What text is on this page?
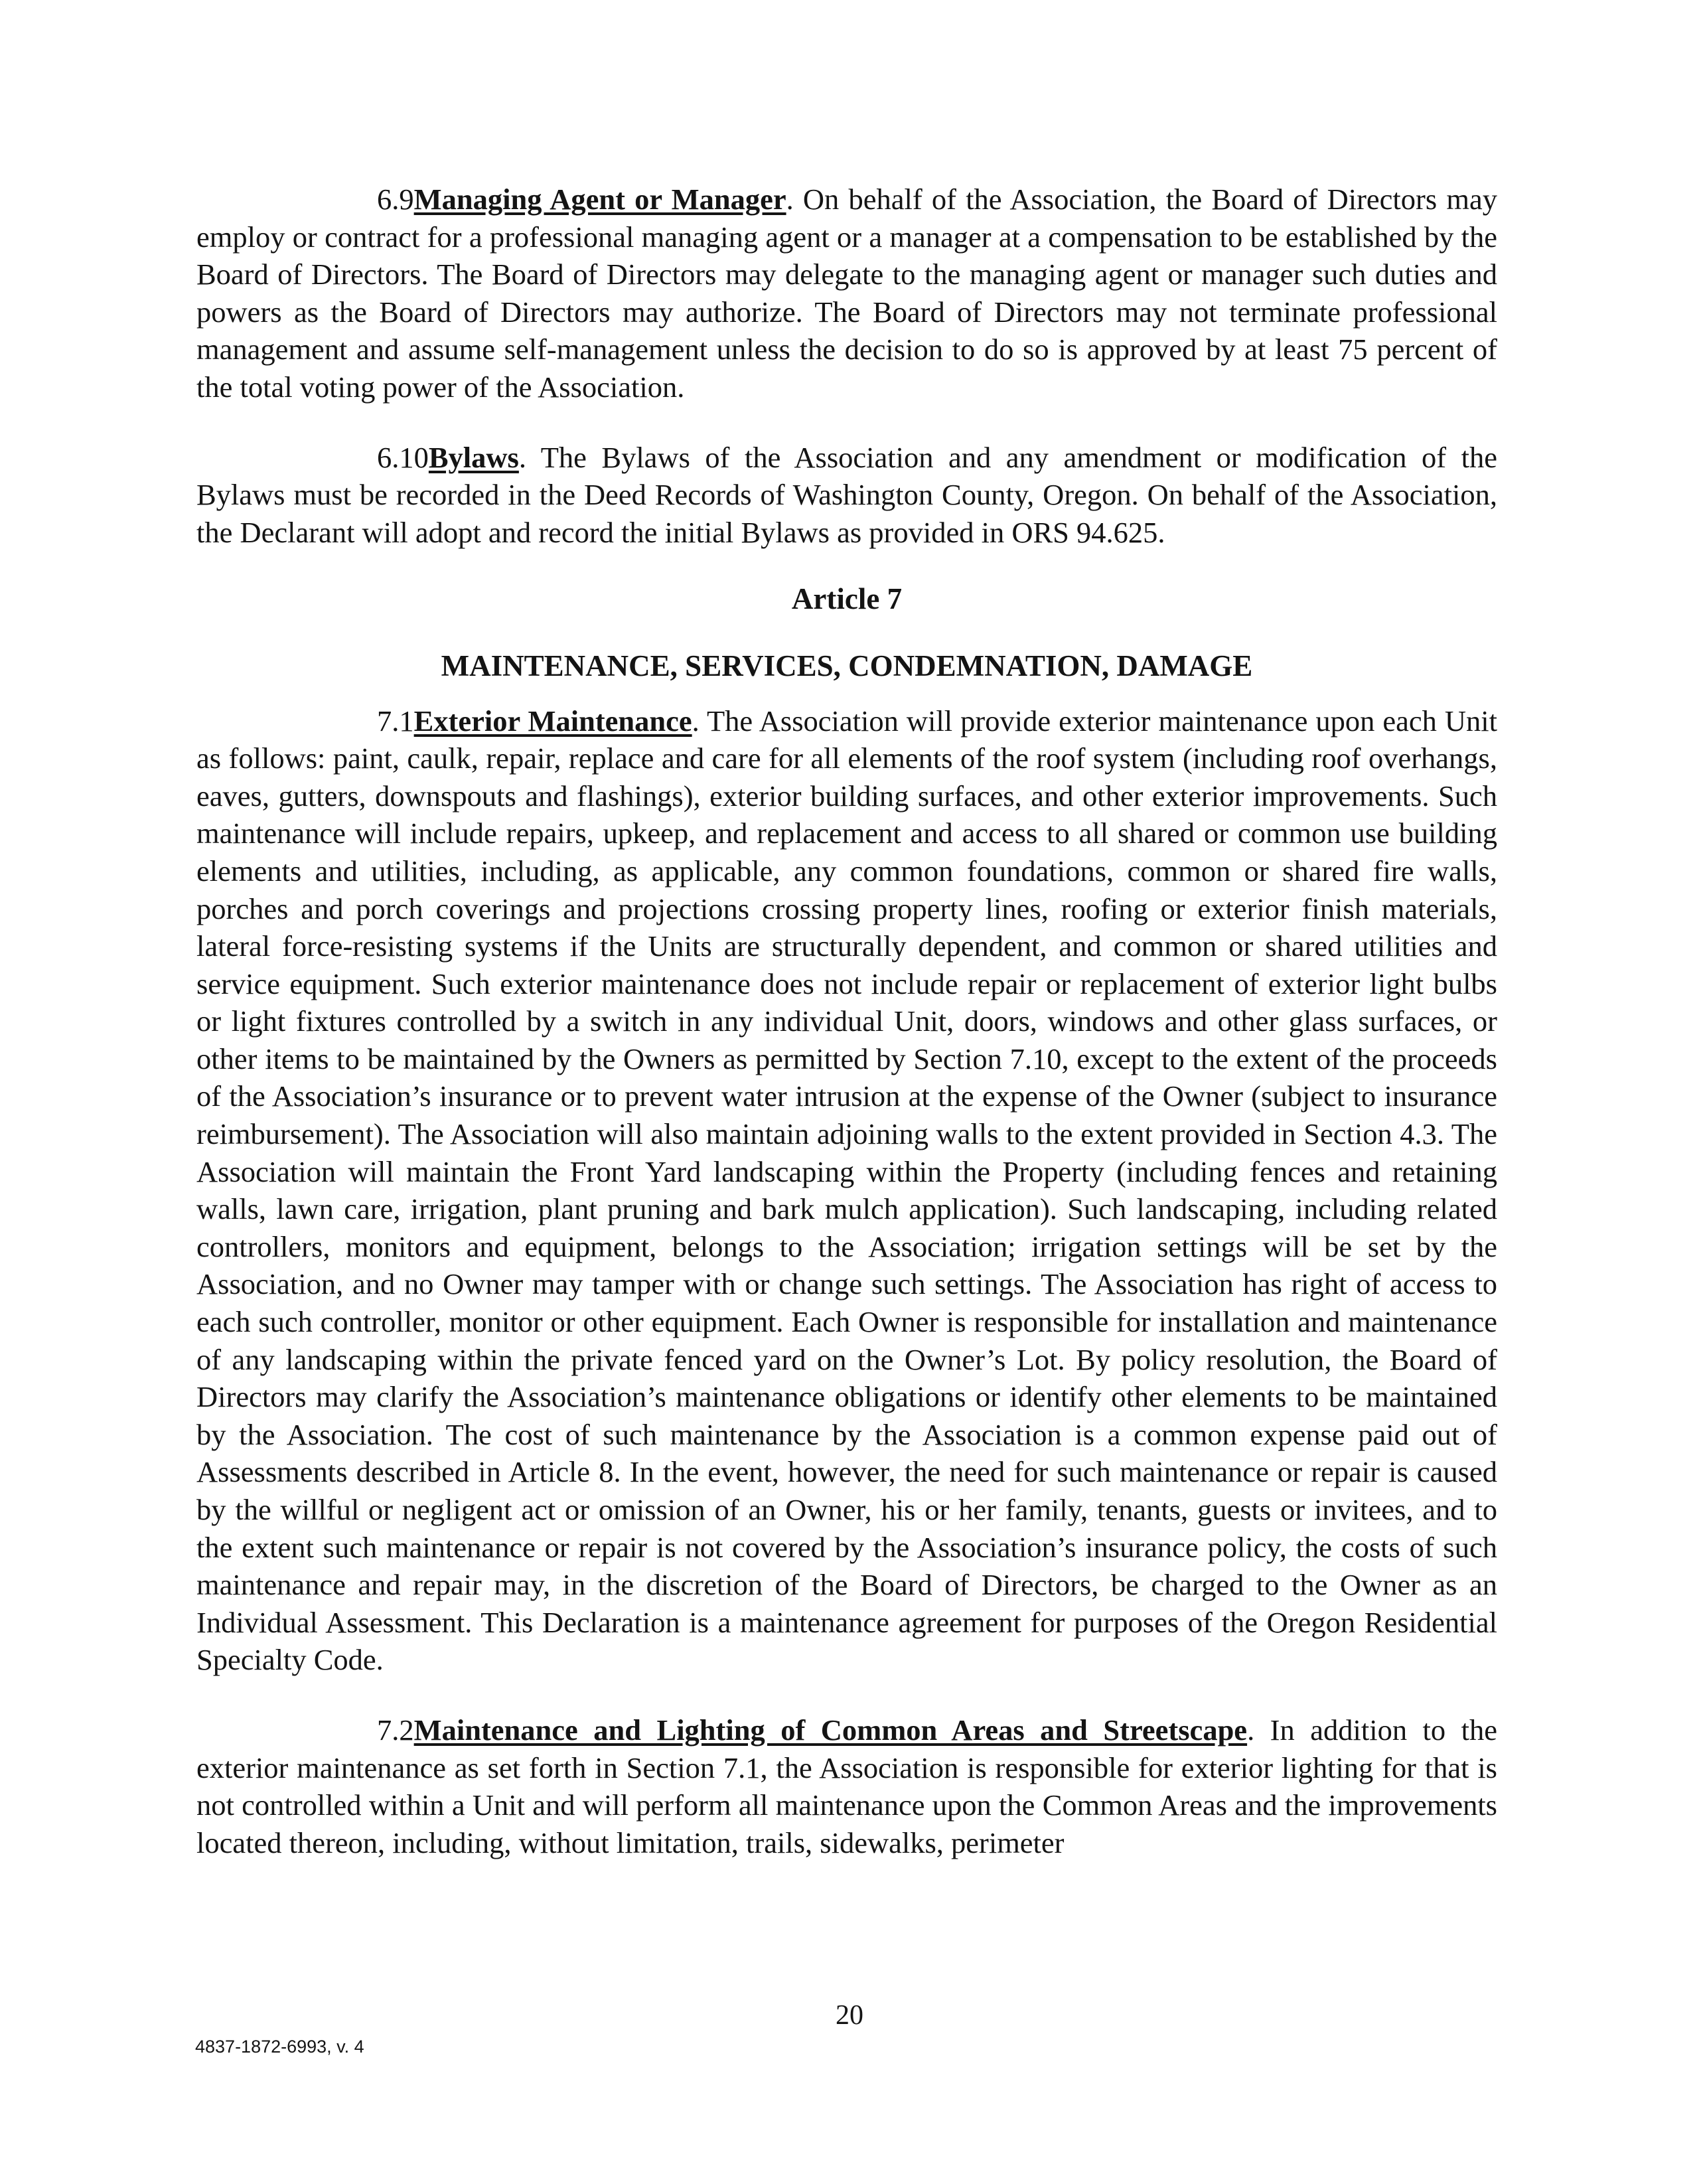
6.9Managing Agent or Manager. On behalf of the Association, the Board of Directors may employ or contract for a professional managing agent or a manager at a compensation to be established by the Board of Directors. The Board of Directors may delegate to the managing agent or manager such duties and powers as the Board of Directors may authorize. The Board of Directors may not terminate professional management and assume self-management unless the decision to do so is approved by at least 75 percent of the total voting power of the Association.

6.10Bylaws. The Bylaws of the Association and any amendment or modification of the Bylaws must be recorded in the Deed Records of Washington County, Oregon. On behalf of the Association, the Declarant will adopt and record the initial Bylaws as provided in ORS 94.625.

Article 7

MAINTENANCE, SERVICES, CONDEMNATION, DAMAGE

7.1Exterior Maintenance. The Association will provide exterior maintenance upon each Unit as follows: paint, caulk, repair, replace and care for all elements of the roof system (including roof overhangs, eaves, gutters, downspouts and flashings), exterior building surfaces, and other exterior improvements. Such maintenance will include repairs, upkeep, and replacement and access to all shared or common use building elements and utilities, including, as applicable, any common foundations, common or shared fire walls, porches and porch coverings and projections crossing property lines, roofing or exterior finish materials, lateral force-resisting systems if the Units are structurally dependent, and common or shared utilities and service equipment. Such exterior maintenance does not include repair or replacement of exterior light bulbs or light fixtures controlled by a switch in any individual Unit, doors, windows and other glass surfaces, or other items to be maintained by the Owners as permitted by Section 7.10, except to the extent of the proceeds of the Association’s insurance or to prevent water intrusion at the expense of the Owner (subject to insurance reimbursement). The Association will also maintain adjoining walls to the extent provided in Section 4.3. The Association will maintain the Front Yard landscaping within the Property (including fences and retaining walls, lawn care, irrigation, plant pruning and bark mulch application). Such landscaping, including related controllers, monitors and equipment, belongs to the Association; irrigation settings will be set by the Association, and no Owner may tamper with or change such settings. The Association has right of access to each such controller, monitor or other equipment. Each Owner is responsible for installation and maintenance of any landscaping within the private fenced yard on the Owner’s Lot. By policy resolution, the Board of Directors may clarify the Association’s maintenance obligations or identify other elements to be maintained by the Association. The cost of such maintenance by the Association is a common expense paid out of Assessments described in Article 8. In the event, however, the need for such maintenance or repair is caused by the willful or negligent act or omission of an Owner, his or her family, tenants, guests or invitees, and to the extent such maintenance or repair is not covered by the Association’s insurance policy, the costs of such maintenance and repair may, in the discretion of the Board of Directors, be charged to the Owner as an Individual Assessment. This Declaration is a maintenance agreement for purposes of the Oregon Residential Specialty Code.

7.2Maintenance and Lighting of Common Areas and Streetscape. In addition to the exterior maintenance as set forth in Section 7.1, the Association is responsible for exterior lighting for that is not controlled within a Unit and will perform all maintenance upon the Common Areas and the improvements located thereon, including, without limitation, trails, sidewalks, perimeter

20
4837-1872-6993, v. 4
